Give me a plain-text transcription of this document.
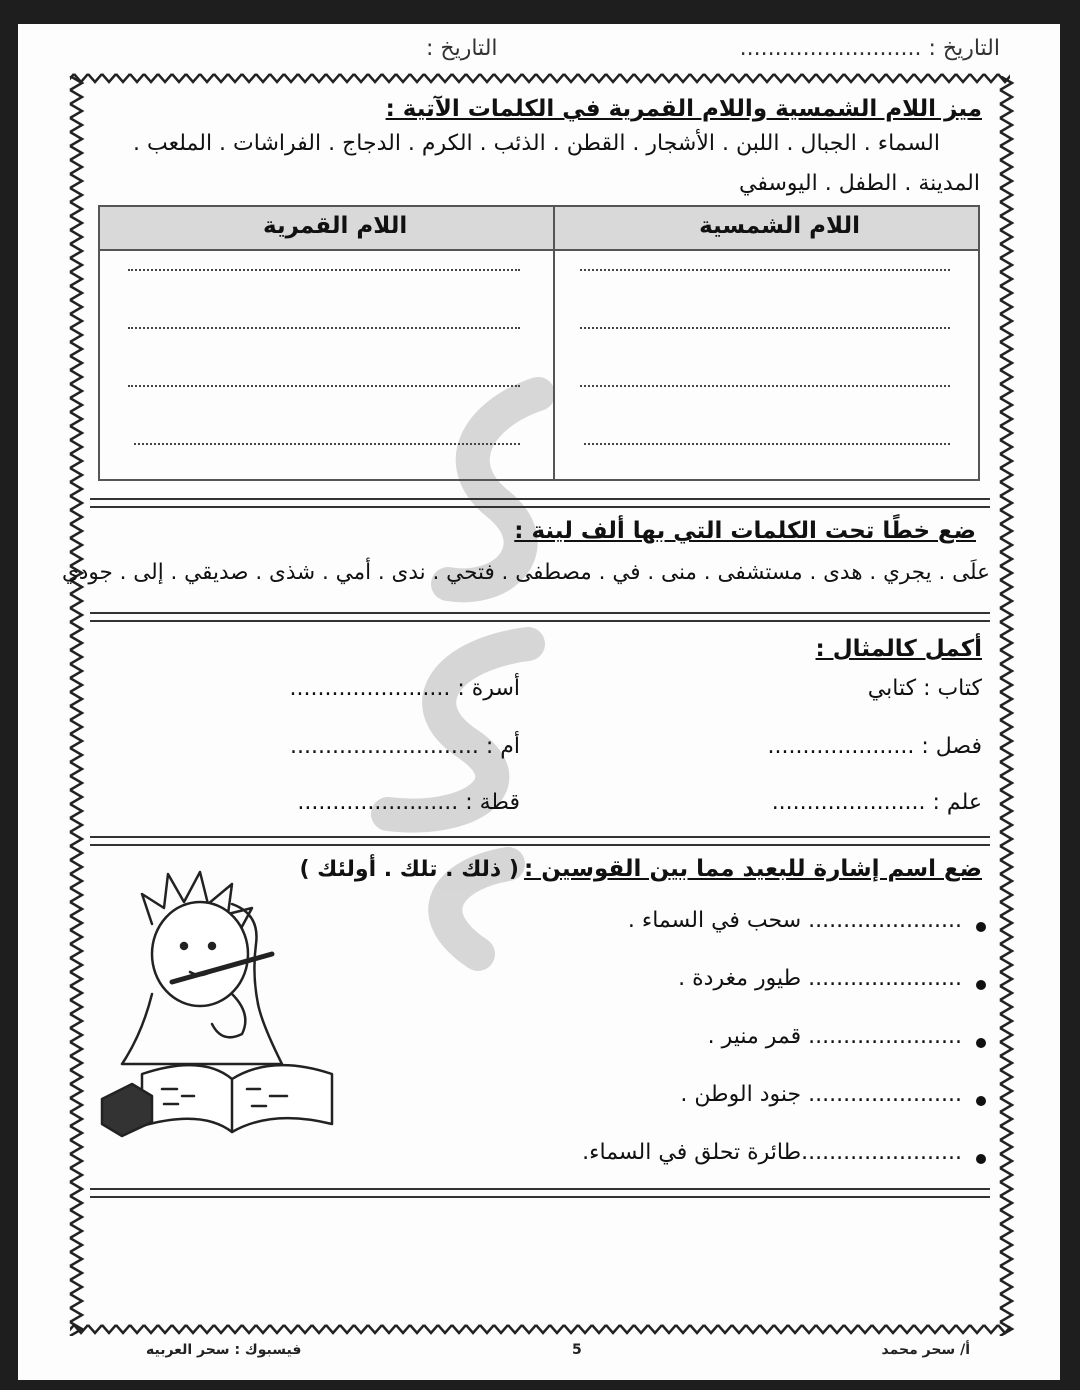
التاريخ : ..........................
التاريخ :
ميز اللام الشمسية واللام القمرية في الكلمات الآتية :
السماء . الجبال . اللبن . الأشجار . القطن . الذئب . الكرم . الدجاج . الفراشات . الملعب .
المدينة . الطفل . اليوسفي
اللام الشمسية
اللام القمرية
ضع خطًا تحت الكلمات التي بها ألف لينة :
علَى . يجري . هدى . مستشفى . منى . في . مصطفى . فتحي . ندى . أمي . شذى . صديقي . إلى . جودي
أكمل كالمثال :
كتاب : كتابي
أسرة : .......................
فصل : .....................
أم : ...........................
علم : ......................
قطة : .......................
ضع اسم إشارة للبعيد مما بين القوسين : ( ذلك . تلك . أولئك )
...................... سحب في السماء .
...................... طيور مغردة .
...................... قمر منير .
...................... جنود الوطن .
.......................طائرة تحلق في السماء.
فيسبوك : سحر العربيه	5	أ/ سحر محمد
